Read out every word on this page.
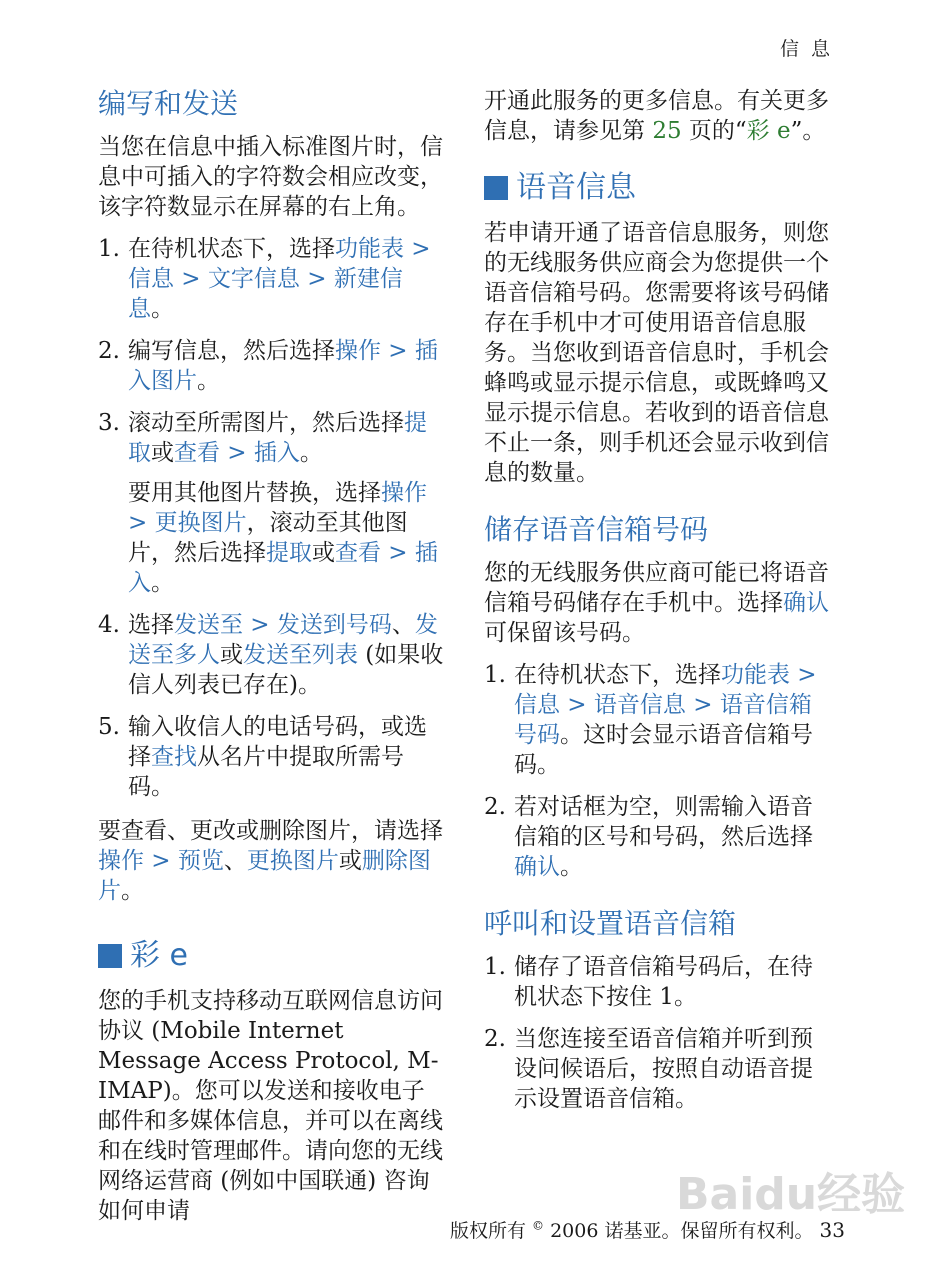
信 息
编写和发送

当您在信息中插入标准图片时，信息中可插入的字符数会相应改变，该字符数显示在屏幕的右上角。

1. 在待机状态下，选择功能表 > 信息 > 文字信息 > 新建信息。
2. 编写信息，然后选择操作 > 插入图片。
3. 滚动至所需图片，然后选择提取或查看 > 插入。

要用其他图片替换，选择操作 > 更换图片，滚动至其他图片，然后选择提取或查看 > 插入。

4. 选择发送至 > 发送到号码、发送至多人或发送至列表 (如果收信人列表已存在)。
5. 输入收信人的电话号码，或选择查找从名片中提取所需号码。

要查看、更改或删除图片，请选择操作 > 预览、更换图片或删除图片。

彩 e

您的手机支持移动互联网信息访问协议 (Mobile Internet Message Access Protocol, M-IMAP)。您可以发送和接收电子邮件和多媒体信息，并可以在离线和在线时管理邮件。请向您的无线网络运营商 (例如中国联通) 咨询如何申请

开通此服务的更多信息。有关更多信息，请参见第 25 页的“彩 e”。

语音信息

若申请开通了语音信息服务，则您的无线服务供应商会为您提供一个语音信箱号码。您需要将该号码储存在手机中才可使用语音信息服务。当您收到语音信息时，手机会蜂鸣或显示提示信息，或既蜂鸣又显示提示信息。若收到的语音信息不止一条，则手机还会显示收到信息的数量。

储存语音信箱号码

您的无线服务供应商可能已将语音信箱号码储存在手机中。选择确认可保留该号码。

1. 在待机状态下，选择功能表 > 信息 > 语音信息 > 语音信箱号码。这时会显示语音信箱号码。
2. 若对话框为空，则需输入语音信箱的区号和号码，然后选择确认。
呼叫和设置语音信箱
1. 储存了语音信箱号码后，在待机状态下按住 1。
2. 当您连接至语音信箱并听到预设问候语后，按照自动语音提示设置语音信箱。
Baidu经验
版权所有 © 2006 诺基亚。保留所有权利。 33
